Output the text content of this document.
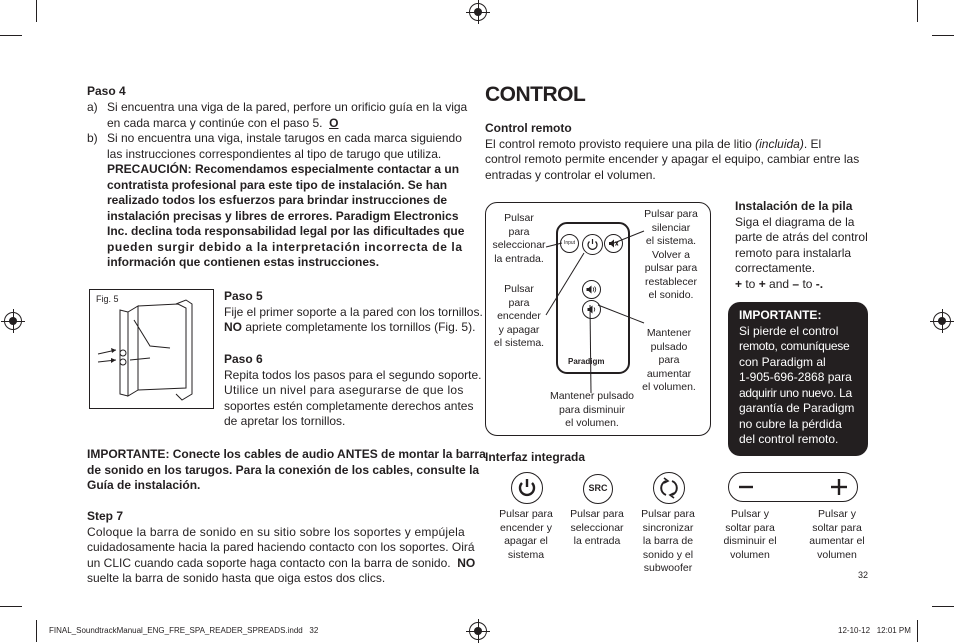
Paso 4
a) Si encuentra una viga de la pared, perfore un orificio guía en la viga
en cada marca y continúe con el paso 5. O
b) Si no encuentra una viga, instale tarugos en cada marca siguiendo
las instrucciones correspondientes al tipo de tarugo que utiliza.
PRECAUCIÓN: Recomendamos especialmente contactar a un
contratista profesional para este tipo de instalación. Se han
realizado todos los esfuerzos para brindar instrucciones de
instalación precisas y libres de errores. Paradigm Electronics
Inc. declina toda responsabilidad legal por las dificultades que
pueden surgir debido a la interpretación incorrecta de la
información que contienen estas instrucciones.
Fig. 5	Paso 5
Fije el primer soporte a la pared con los tornillos.
NO apriete completamente los tornillos (Fig. 5).
Paso 6
Repita todos los pasos para el segundo soporte.
Utilice un nivel para asegurarse de que los
soportes estén completamente derechos antes
de apretar los tornillos.
IMPORTANTE: Conecte los cables de audio ANTES de montar la barra
de sonido en los tarugos. Para la conexión de los cables, consulte la
Guía de instalación.
Step 7
Coloque la barra de sonido en su sitio sobre los soportes y empújela
cuidadosamente hacia la pared haciendo contacto con los soportes. Oirá
un CLIC cuando cada soporte haga contacto con la barra de sonido. NO
suelte la barra de sonido hasta que oiga estos dos clics.
CONTROL
Control remoto
El control remoto provisto requiere una pila de litio (incluida). El
control remoto permite encender y apagar el equipo, cambiar entre las
entradas y controlar el volumen.
Input
Paradigm
Pulsar
para
seleccionar
la entrada.
Pulsar
para
encender
y apagar
el sistema.
Pulsar para
silenciar
el sistema.
Volver a
pulsar para
restablecer
el sonido.
Mantener
pulsado
para
aumentar
el volumen.
Mantener pulsado
para disminuir
el volumen.
Instalación de la pila
Siga el diagrama de la
parte de atrás del control
remoto para instalarla
correctamente.
+ to + and – to -.
IMPORTANTE:
Si pierde el control
remoto, comuníquese
con Paradigm al
1-905-696-2868 para
adquirir uno nuevo. La
garantía de Paradigm
no cubre la pérdida
del control remoto.
Interfaz integrada
SRC
Pulsar para
encender y
apagar el
sistema
Pulsar para
seleccionar
la entrada
Pulsar para
sincronizar
la barra de
sonido y el
subwoofer
Pulsar y
soltar para
disminuir el
volumen
Pulsar y
soltar para
aumentar el
volumen
32
FINAL_SoundtrackManual_ENG_FRE_SPA_READER_SPREADS.indd   32	12-10-12   12:01 PM
